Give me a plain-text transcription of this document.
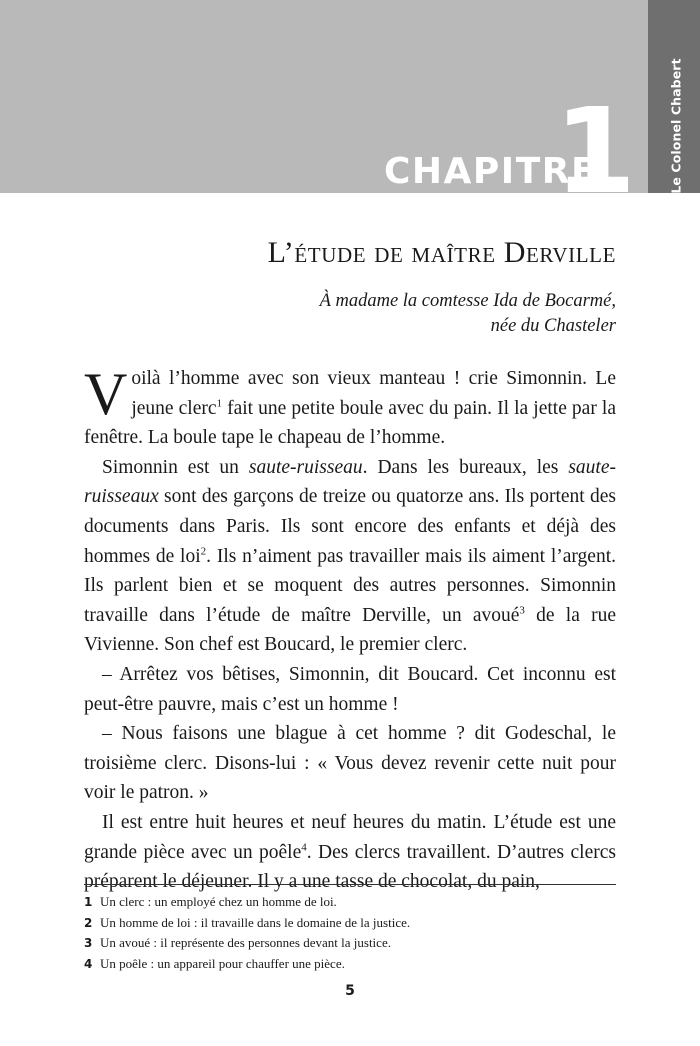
Le Colonel Chabert
CHAPITRE
1
L’étude de maître Derville
À madame la comtesse Ida de Bocarmé,
née du Chasteler

Voilà l’homme avec son vieux manteau ! crie Simonnin. Le jeune clerc$^1$ fait une petite boule avec du pain. Il la jette par la fenêtre. La boule tape le chapeau de l’homme.

Simonnin est un saute-ruisseau. Dans les bureaux, les saute-ruisseaux sont des garçons de treize ou quatorze ans. Ils portent des documents dans Paris. Ils sont encore des enfants et déjà des hommes de loi$^2$. Ils n’aiment pas travailler mais ils aiment l’argent. Ils parlent bien et se moquent des autres personnes. Simonnin travaille dans l’étude de maître Derville, un avoué$^3$ de la rue Vivienne. Son chef est Boucard, le premier clerc.

– Arrêtez vos bêtises, Simonnin, dit Boucard. Cet inconnu est peut-être pauvre, mais c’est un homme !

– Nous faisons une blague à cet homme ? dit Godeschal, le troisième clerc. Disons-lui : « Vous devez revenir cette nuit pour voir le patron. »

Il est entre huit heures et neuf heures du matin. L’étude est une grande pièce avec un poêle$^4$. Des clercs travaillent. D’autres clercs préparent le déjeuner. Il y a une tasse de chocolat, du pain,

1 Un clerc : un employé chez un homme de loi.
2 Un homme de loi : il travaille dans le domaine de la justice.
3 Un avoué : il représente des personnes devant la justice.
4 Un poêle : un appareil pour chauffer une pièce.
5
